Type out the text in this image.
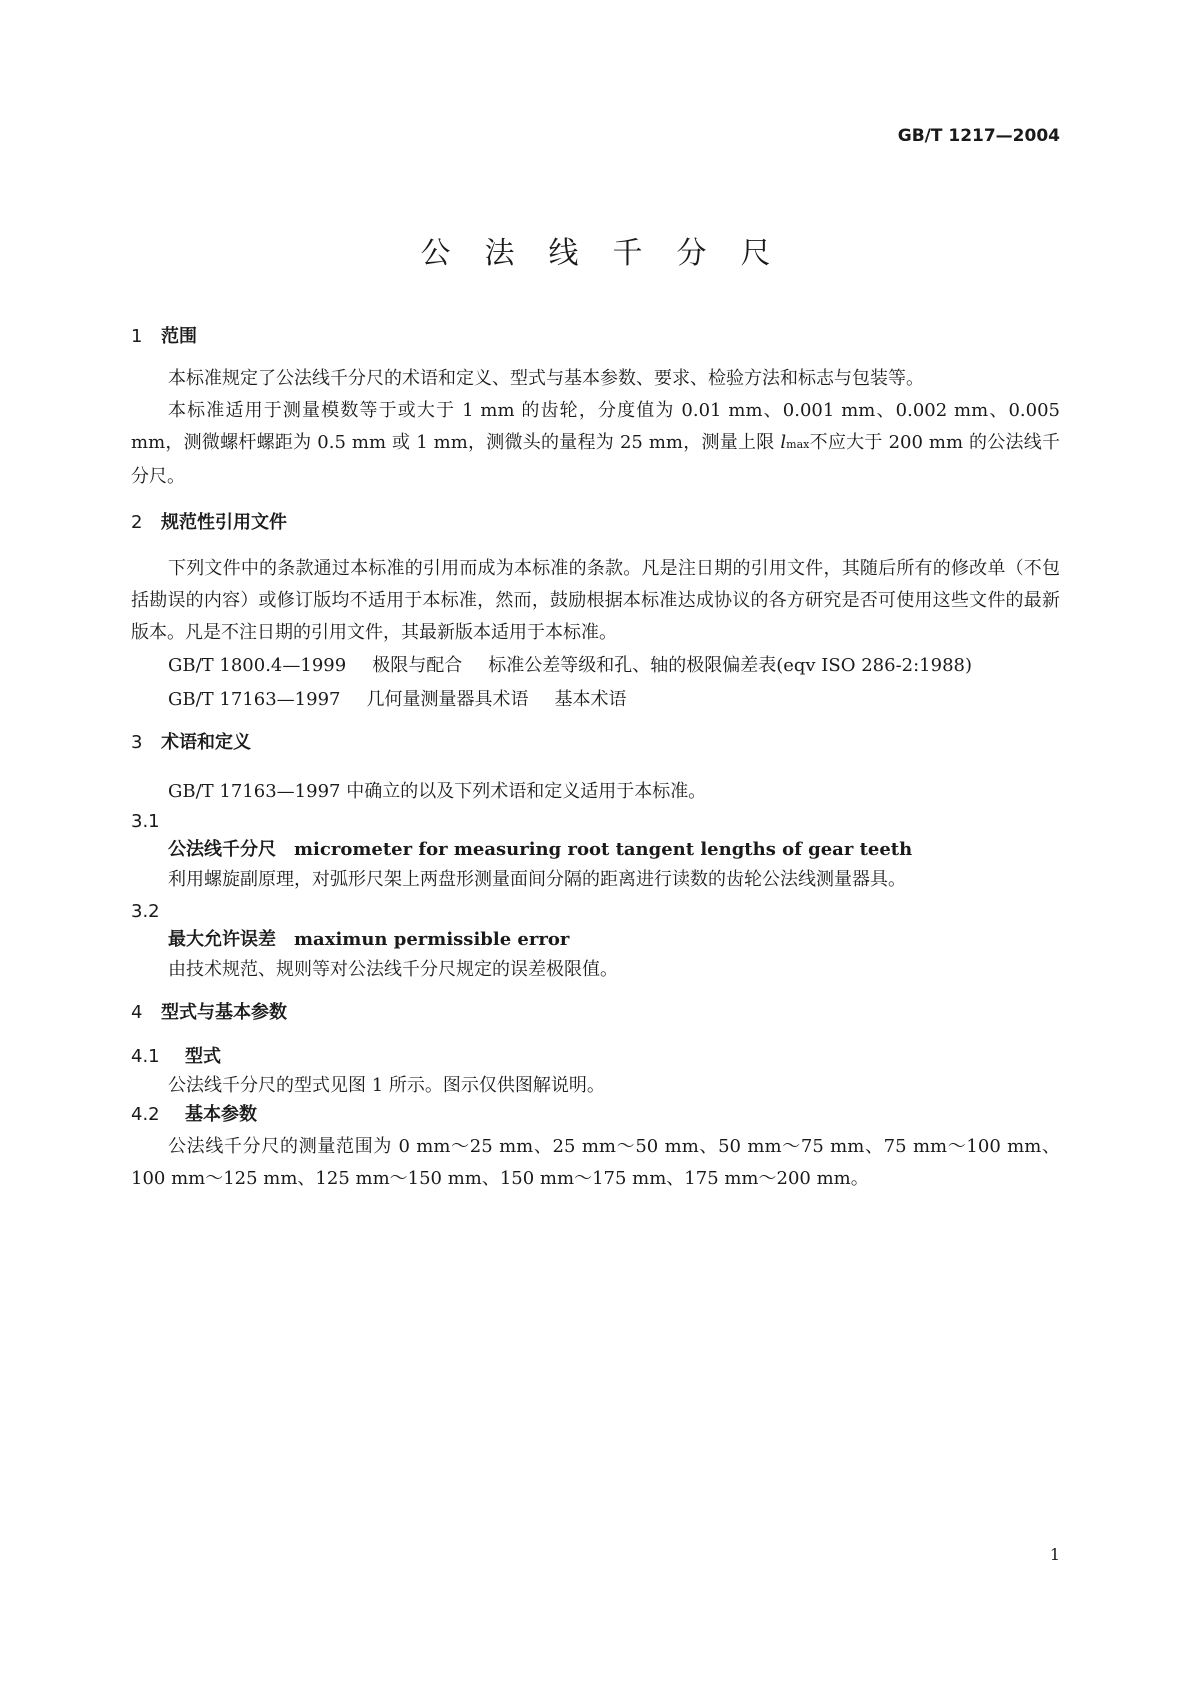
GB/T 1217—2004
公法线千分尺
1 范围
本标准规定了公法线千分尺的术语和定义、型式与基本参数、要求、检验方法和标志与包装等。
本标准适用于测量模数等于或大于 1 mm 的齿轮，分度值为 0.01 mm、0.001 mm、0.002 mm、0.005 mm，测微螺杆螺距为 0.5 mm 或 1 mm，测微头的量程为 25 mm，测量上限 lmax不应大于 200 mm 的公法线千分尺。
2 规范性引用文件
下列文件中的条款通过本标准的引用而成为本标准的条款。凡是注日期的引用文件，其随后所有的修改单（不包括勘误的内容）或修订版均不适用于本标准，然而，鼓励根据本标准达成协议的各方研究是否可使用这些文件的最新版本。凡是不注日期的引用文件，其最新版本适用于本标准。
GB/T 1800.4—1999 极限与配合 标准公差等级和孔、轴的极限偏差表(eqv ISO 286-2:1988)
GB/T 17163—1997 几何量测量器具术语 基本术语
3 术语和定义
GB/T 17163—1997 中确立的以及下列术语和定义适用于本标准。
3.1
公法线千分尺 micrometer for measuring root tangent lengths of gear teeth
利用螺旋副原理，对弧形尺架上两盘形测量面间分隔的距离进行读数的齿轮公法线测量器具。
3.2
最大允许误差 maximun permissible error
由技术规范、规则等对公法线千分尺规定的误差极限值。
4 型式与基本参数
4.1 型式
公法线千分尺的型式见图 1 所示。图示仅供图解说明。
4.2 基本参数
公法线千分尺的测量范围为 0 mm～25 mm、25 mm～50 mm、50 mm～75 mm、75 mm～100 mm、100 mm～125 mm、125 mm～150 mm、150 mm～175 mm、175 mm～200 mm。
1
